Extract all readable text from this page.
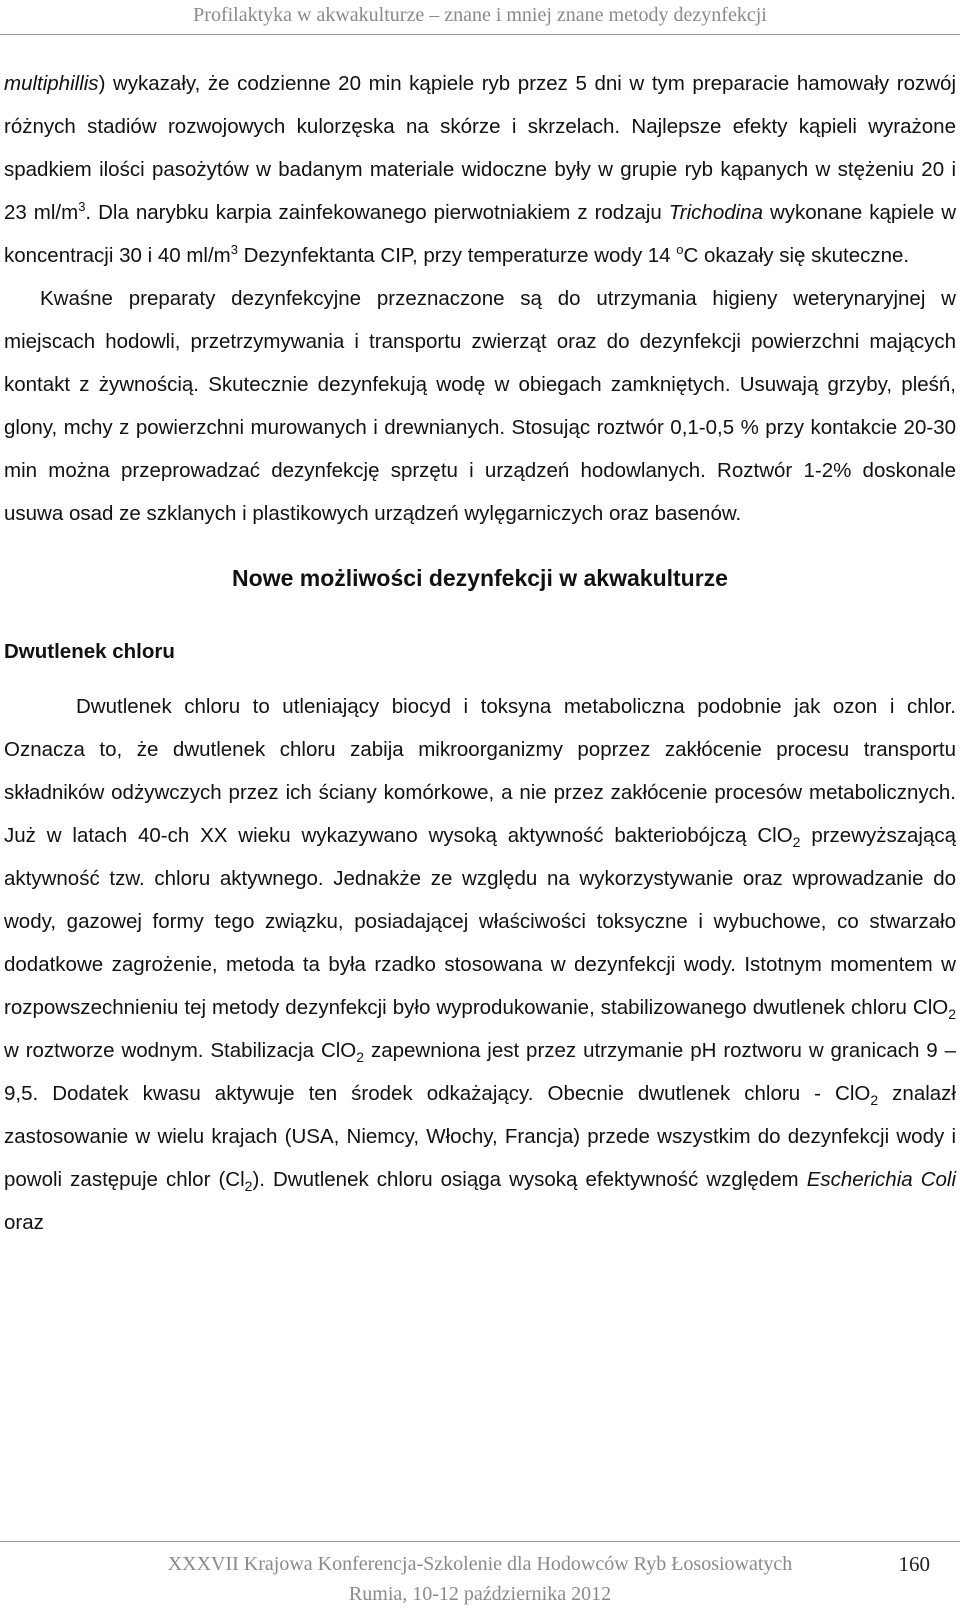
Profilaktyka w akwakulturze – znane i mniej znane metody dezynfekcji

multiphillis) wykazały, że codzienne 20 min kąpiele ryb przez 5 dni w tym preparacie hamowały rozwój różnych stadiów rozwojowych kulorzęska na skórze i skrzelach. Najlepsze efekty kąpieli wyrażone spadkiem ilości pasożytów w badanym materiale widoczne były w grupie ryb kąpanych w stężeniu 20 i 23 $ml/m^3$. Dla narybku karpia zainfekowanego pierwotniakiem z rodzaju Trichodina wykonane kąpiele w koncentracji 30 i 40 $ml/m^3$ Dezynfektanta CIP, przy temperaturze wody 14 $^o$C okazały się skuteczne.

Kwaśne preparaty dezynfekcyjne przeznaczone są do utrzymania higieny weterynaryjnej w miejscach hodowli, przetrzymywania i transportu zwierząt oraz do dezynfekcji powierzchni mających kontakt z żywnością. Skutecznie dezynfekują wodę w obiegach zamkniętych. Usuwają grzyby, pleśń, glony, mchy z powierzchni murowanych i drewnianych. Stosując roztwór 0,1-0,5 % przy kontakcie 20-30 min można przeprowadzać dezynfekcję sprzętu i urządzeń hodowlanych. Roztwór 1-2% doskonale usuwa osad ze szklanych i plastikowych urządzeń wylęgarniczych oraz basenów.

Nowe możliwości dezynfekcji w akwakulturze

Dwutlenek chloru

Dwutlenek chloru to utleniający biocyd i toksyna metaboliczna podobnie jak ozon i chlor. Oznacza to, że dwutlenek chloru zabija mikroorganizmy poprzez zakłócenie procesu transportu składników odżywczych przez ich ściany komórkowe, a nie przez zakłócenie procesów metabolicznych. Już w latach 40-ch XX wieku wykazywano wysoką aktywność bakteriobójczą ClO$_2$ przewyższającą aktywność tzw. chloru aktywnego. Jednakże ze względu na wykorzystywanie oraz wprowadzanie do wody, gazowej formy tego związku, posiadającej właściwości toksyczne i wybuchowe, co stwarzało dodatkowe zagrożenie, metoda ta była rzadko stosowana w dezynfekcji wody. Istotnym momentem w rozpowszechnieniu tej metody dezynfekcji było wyprodukowanie, stabilizowanego dwutlenek chloru ClO$_2$ w roztworze wodnym. Stabilizacja ClO$_2$ zapewniona jest przez utrzymanie pH roztworu w granicach 9 – 9,5. Dodatek kwasu aktywuje ten środek odkażający. Obecnie dwutlenek chloru - ClO$_2$ znalazł zastosowanie w wielu krajach (USA, Niemcy, Włochy, Francja) przede wszystkim do dezynfekcji wody i powoli zastępuje chlor $(Cl_2)$. Dwutlenek chloru osiąga wysoką efektywność względem Escherichia Coli oraz

XXXVII Krajowa Konferencja-Szkolenie dla Hodowców Ryb Łososiowatych
Rumia, 10-12 października 2012
160
